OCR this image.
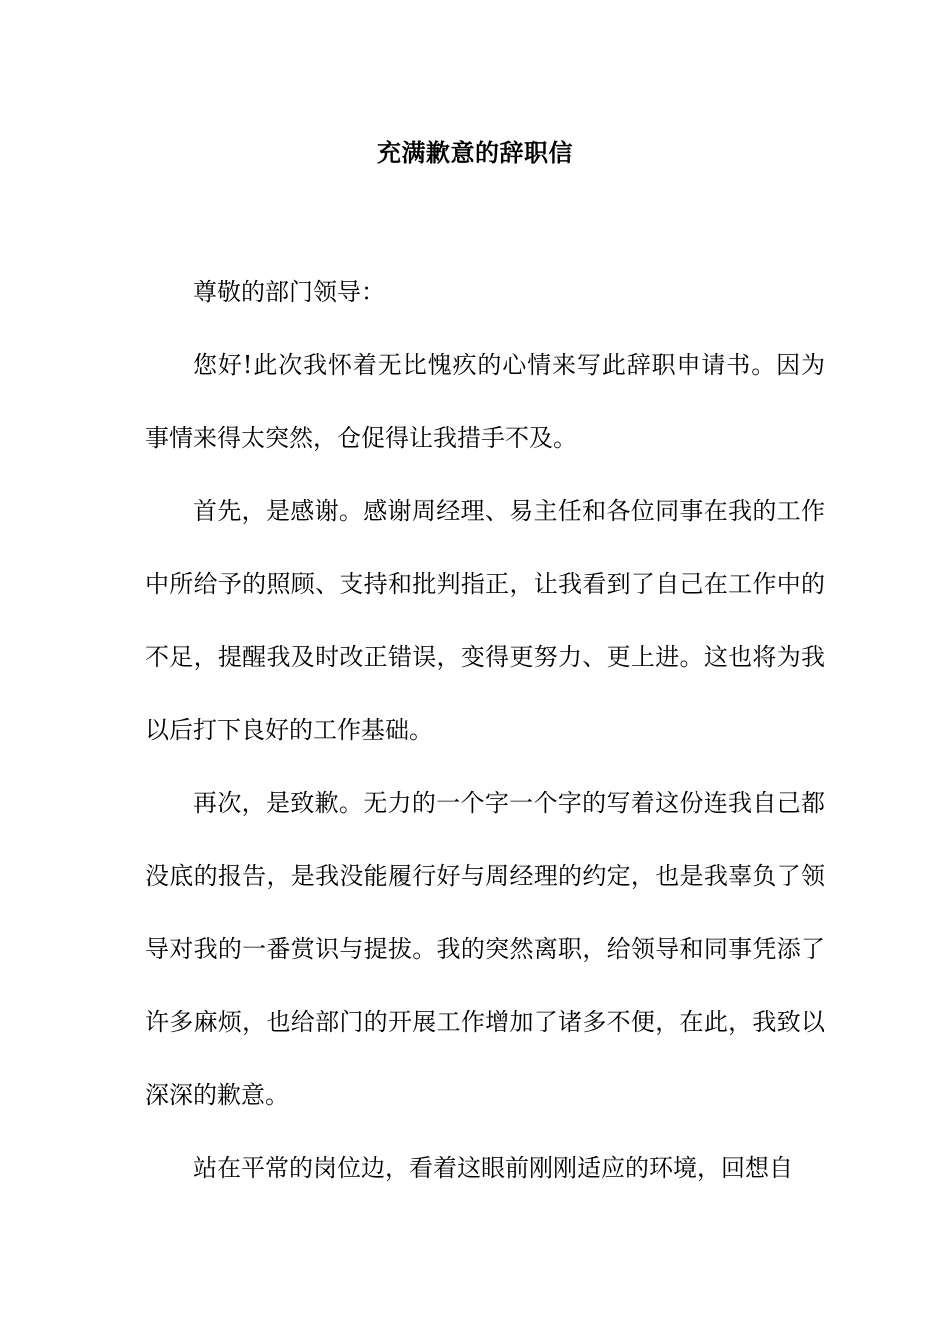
充满歉意的辞职信

尊敬的部门领导：

您好!此次我怀着无比愧疚的心情来写此辞职申请书。因为事情来得太突然，仓促得让我措手不及。

首先，是感谢。感谢周经理、易主任和各位同事在我的工作中所给予的照顾、支持和批判指正，让我看到了自己在工作中的不足，提醒我及时改正错误，变得更努力、更上进。这也将为我以后打下良好的工作基础。

再次，是致歉。无力的一个字一个字的写着这份连我自己都没底的报告，是我没能履行好与周经理的约定，也是我辜负了领导对我的一番赏识与提拔。我的突然离职，给领导和同事凭添了许多麻烦，也给部门的开展工作增加了诸多不便，在此，我致以深深的歉意。

站在平常的岗位边，看着这眼前刚刚适应的环境，回想自
